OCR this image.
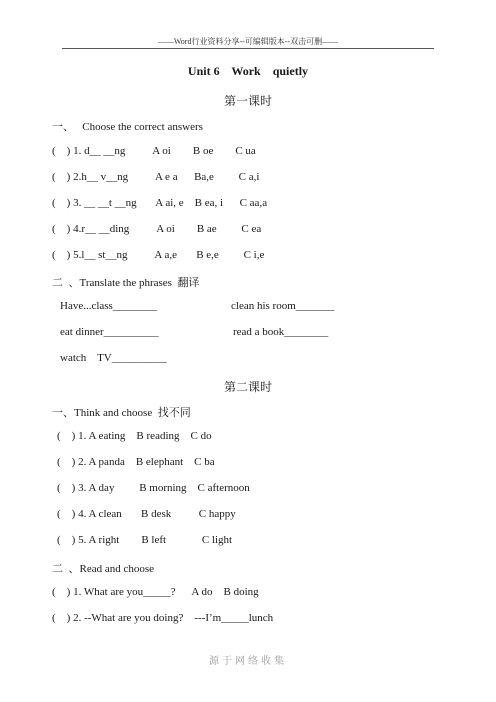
——Word行业资料分享--可编辑版本--双击可删——
Unit 6    Work    quietly
第一课时
一、   Choose the correct answers
(    ) 1. d__ __ng          A oi        B oe        C ua
(    ) 2.h__ v__ng          A e a      Ba,e         C a,i
(    ) 3. __ __t __ng       A ai, e    B ea, i      C aa,a
(    ) 4.r__ __ding          A oi        B ae         C ea
(    ) 5.l__ st__ng          A a,e       B e,e         C i,e
二  、Translate the phrases  翻译
Have...class________	clean his room_______
eat dinner__________	read a book________
watch    TV__________
第二课时
一、Think and choose  找不同
(    ) 1. A eating    B reading    C do
(    ) 2. A panda    B elephant    C ba
(    ) 3. A day         B morning    C afternoon
(    ) 4. A clean       B desk          C happy
(    ) 5. A right        B left             C light
二  、Read and choose
(    ) 1. What are you_____?      A do    B doing
(    ) 2. --What are you doing?    ---I’m_____lunch
源于网络收集
